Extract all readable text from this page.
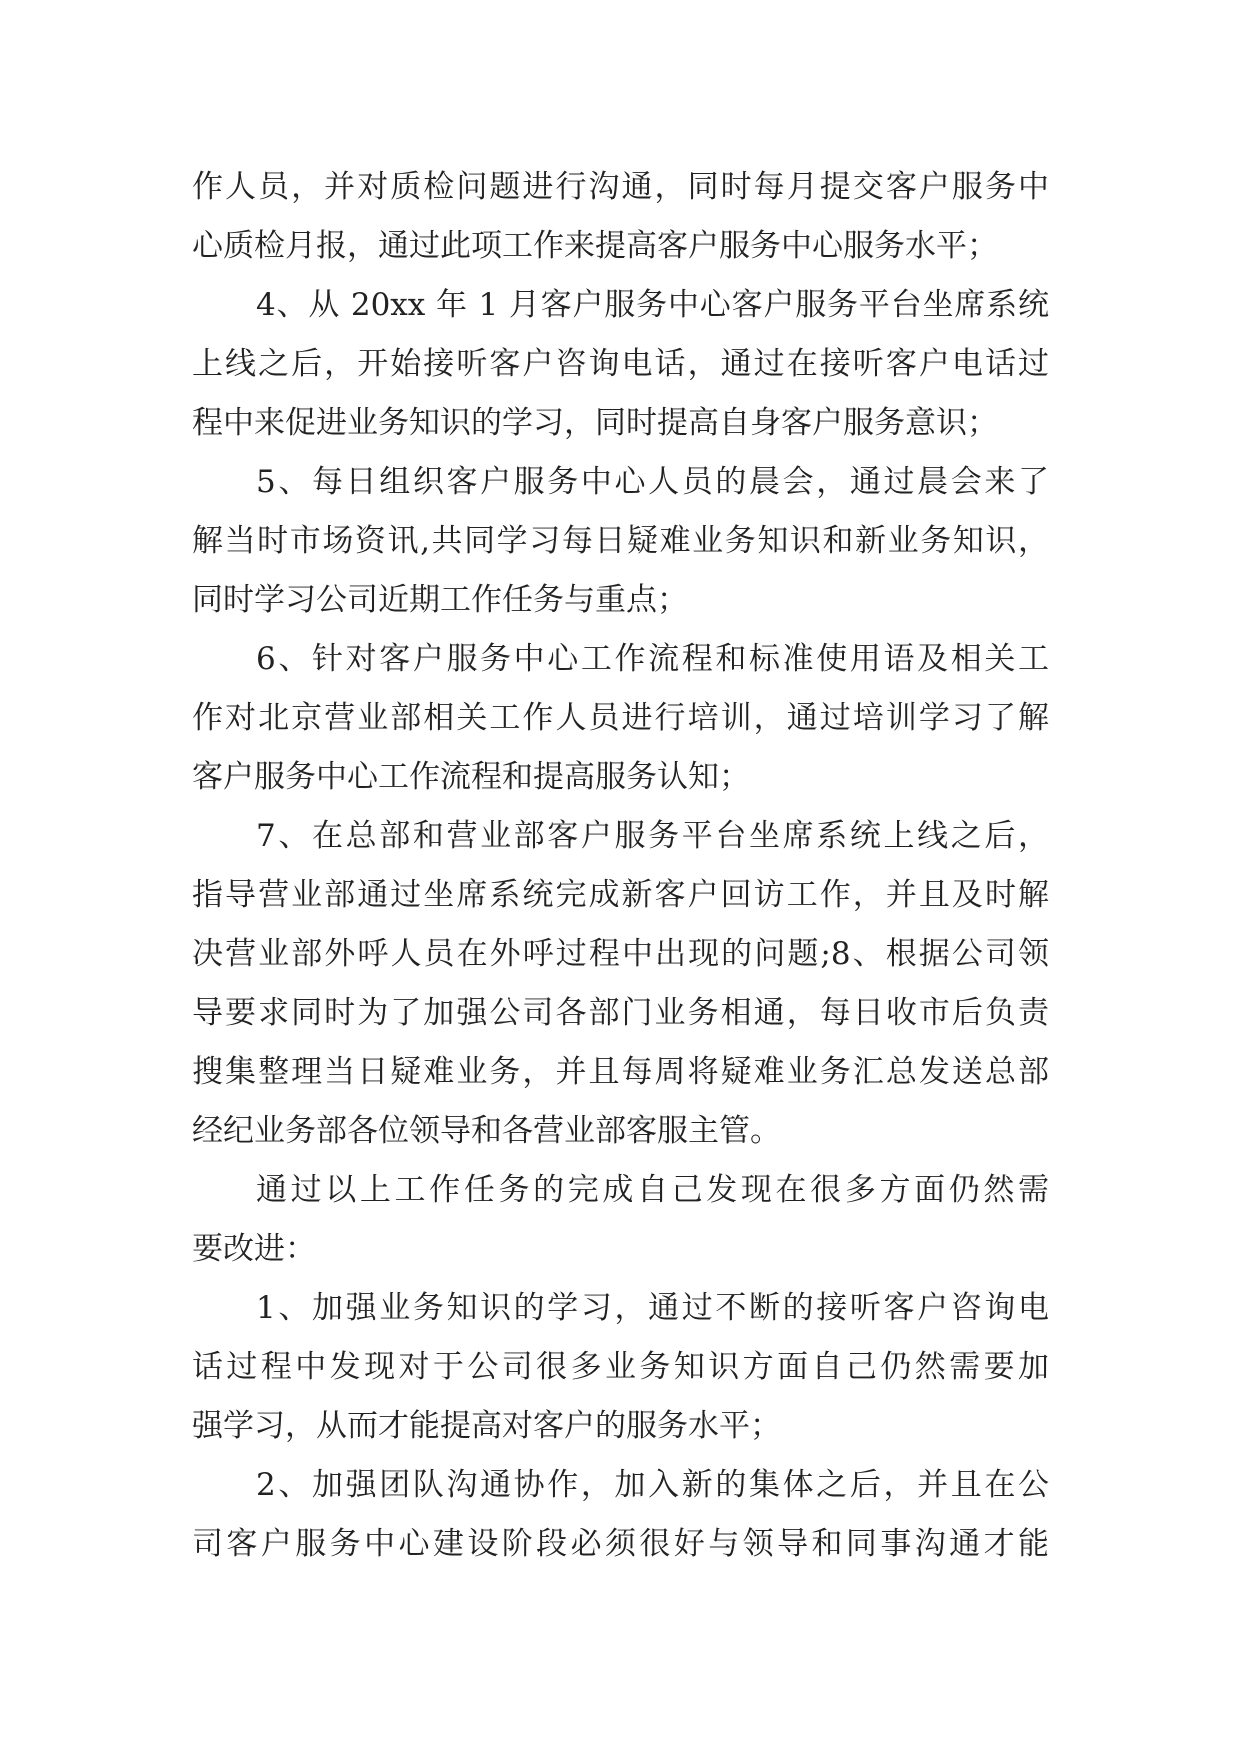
作人员，并对质检问题进行沟通，同时每月提交客户服务中
心质检月报，通过此项工作来提高客户服务中心服务水平；
4、从 20xx 年 1 月客户服务中心客户服务平台坐席系统
上线之后，开始接听客户咨询电话，通过在接听客户电话过
程中来促进业务知识的学习，同时提高自身客户服务意识；
5、每日组织客户服务中心人员的晨会，通过晨会来了
解当时市场资讯,共同学习每日疑难业务知识和新业务知识，
同时学习公司近期工作任务与重点；
6、针对客户服务中心工作流程和标准使用语及相关工
作对北京营业部相关工作人员进行培训，通过培训学习了解
客户服务中心工作流程和提高服务认知；
7、在总部和营业部客户服务平台坐席系统上线之后，
指导营业部通过坐席系统完成新客户回访工作，并且及时解
决营业部外呼人员在外呼过程中出现的问题;8、根据公司领
导要求同时为了加强公司各部门业务相通，每日收市后负责
搜集整理当日疑难业务，并且每周将疑难业务汇总发送总部
经纪业务部各位领导和各营业部客服主管。
通过以上工作任务的完成自己发现在很多方面仍然需
要改进：
1、加强业务知识的学习，通过不断的接听客户咨询电
话过程中发现对于公司很多业务知识方面自己仍然需要加
强学习，从而才能提高对客户的服务水平；
2、加强团队沟通协作，加入新的集体之后，并且在公
司客户服务中心建设阶段必须很好与领导和同事沟通才能
